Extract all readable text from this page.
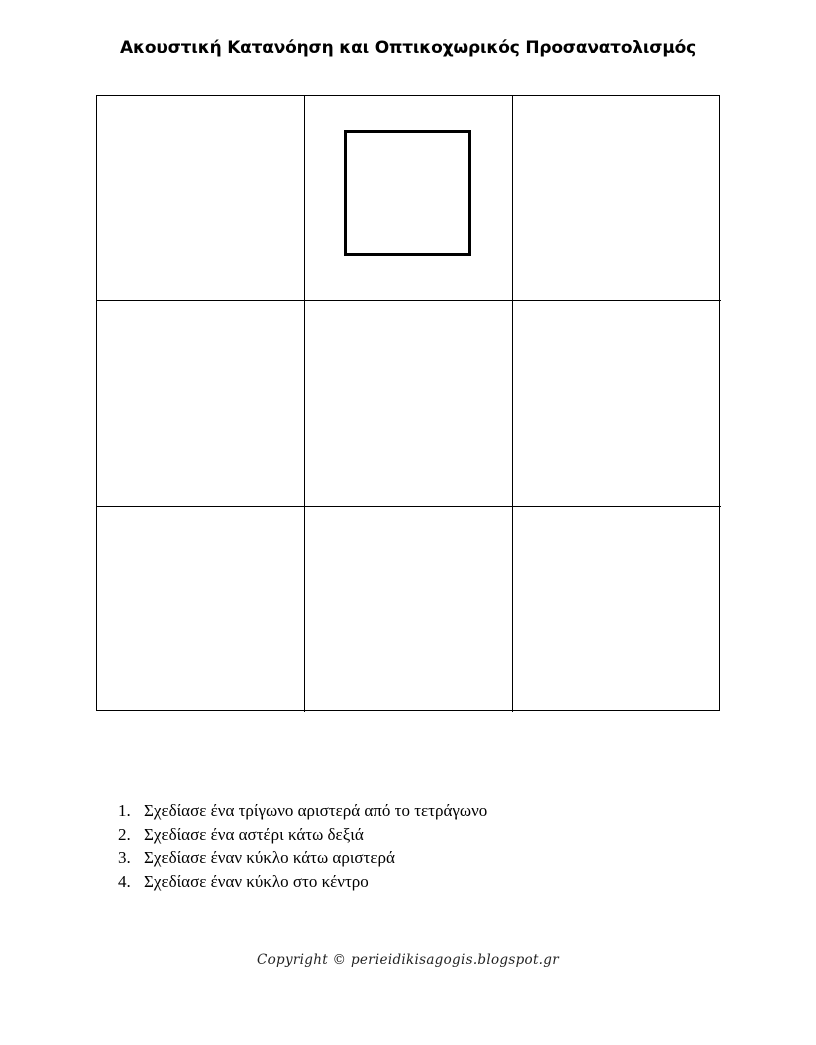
Ακουστική Κατανόηση και Οπτικοχωρικός Προσανατολισμός
1. Σχεδίασε ένα τρίγωνο αριστερά από το τετράγωνο
2. Σχεδίασε ένα αστέρι κάτω δεξιά
3. Σχεδίασε έναν κύκλο κάτω αριστερά
4. Σχεδίασε έναν κύκλο στο κέντρο
Copyright © perieidikisagogis.blogspot.gr
